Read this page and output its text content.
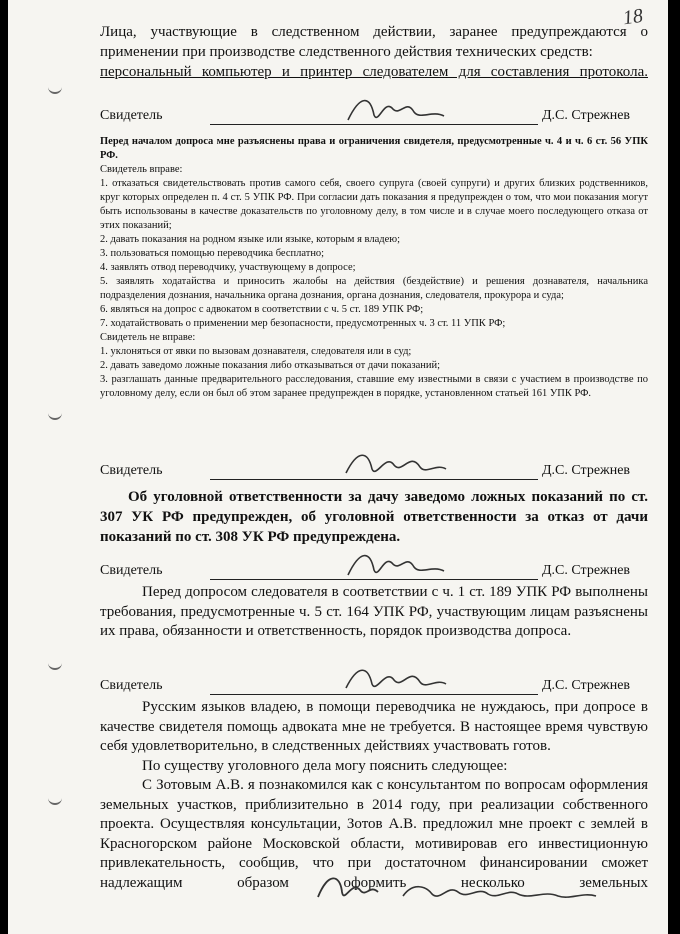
18
Лица, участвующие в следственном действии, заранее предупреждаются о применении при производстве следственного действия технических средств:
персональный компьютер и принтер следователем для составления протокола.
Свидетель	Д.С. Стрежнев
Перед началом допроса мне разъяснены права и ограничения свидетеля, предусмотренные ч. 4 и ч. 6 ст. 56 УПК РФ.
Свидетель вправе:
1. отказаться свидетельствовать против самого себя, своего супруга (своей супруги) и других близких родственников, круг которых определен п. 4 ст. 5 УПК РФ. При согласии дать показания я предупрежден о том, что мои показания могут быть использованы в качестве доказательств по уголовному делу, в том числе и в случае моего последующего отказа от этих показаний;
2. давать показания на родном языке или языке, которым я владею;
3. пользоваться помощью переводчика бесплатно;
4. заявлять отвод переводчику, участвующему в допросе;
5. заявлять ходатайства и приносить жалобы на действия (бездействие) и решения дознавателя, начальника подразделения дознания, начальника органа дознания, органа дознания, следователя, прокурора и суда;
6. являться на допрос с адвокатом в соответствии с ч. 5 ст. 189 УПК РФ;
7. ходатайствовать о применении мер безопасности, предусмотренных ч. 3 ст. 11 УПК РФ;
Свидетель не вправе:
1. уклоняться от явки по вызовам дознавателя, следователя или в суд;
2. давать заведомо ложные показания либо отказываться от дачи показаний;
3. разглашать данные предварительного расследования, ставшие ему известными в связи с участием в производстве по уголовному делу, если он был об этом заранее предупрежден в порядке, установленном статьей 161 УПК РФ.
Свидетель	Д.С. Стрежнев
Об уголовной ответственности за дачу заведомо ложных показаний по ст. 307 УК РФ предупрежден, об уголовной ответственности за отказ от дачи показаний по ст. 308 УК РФ предупреждена.
Свидетель	Д.С. Стрежнев
Перед допросом следователя в соответствии с ч. 1 ст. 189 УПК РФ выполнены требования, предусмотренные ч. 5 ст. 164 УПК РФ, участвующим лицам разъяснены их права, обязанности и ответственность, порядок производства допроса.
Свидетель	Д.С. Стрежнев
Русским языков владею, в помощи переводчика не нуждаюсь, при допросе в качестве свидетеля помощь адвоката мне не требуется. В настоящее время чувствую себя удовлетворительно, в следственных действиях участвовать готов.
По существу уголовного дела могу пояснить следующее:
С Зотовым А.В. я познакомился как с консультантом по вопросам оформления земельных участков, приблизительно в 2014 году, при реализации собственного проекта. Осуществляя консультации, Зотов А.В. предложил мне проект с землей в Красногорском районе Московской области, мотивировав его инвестиционную привлекательность, сообщив, что при достаточном финансировании сможет надлежащим образом оформить несколько земельных
